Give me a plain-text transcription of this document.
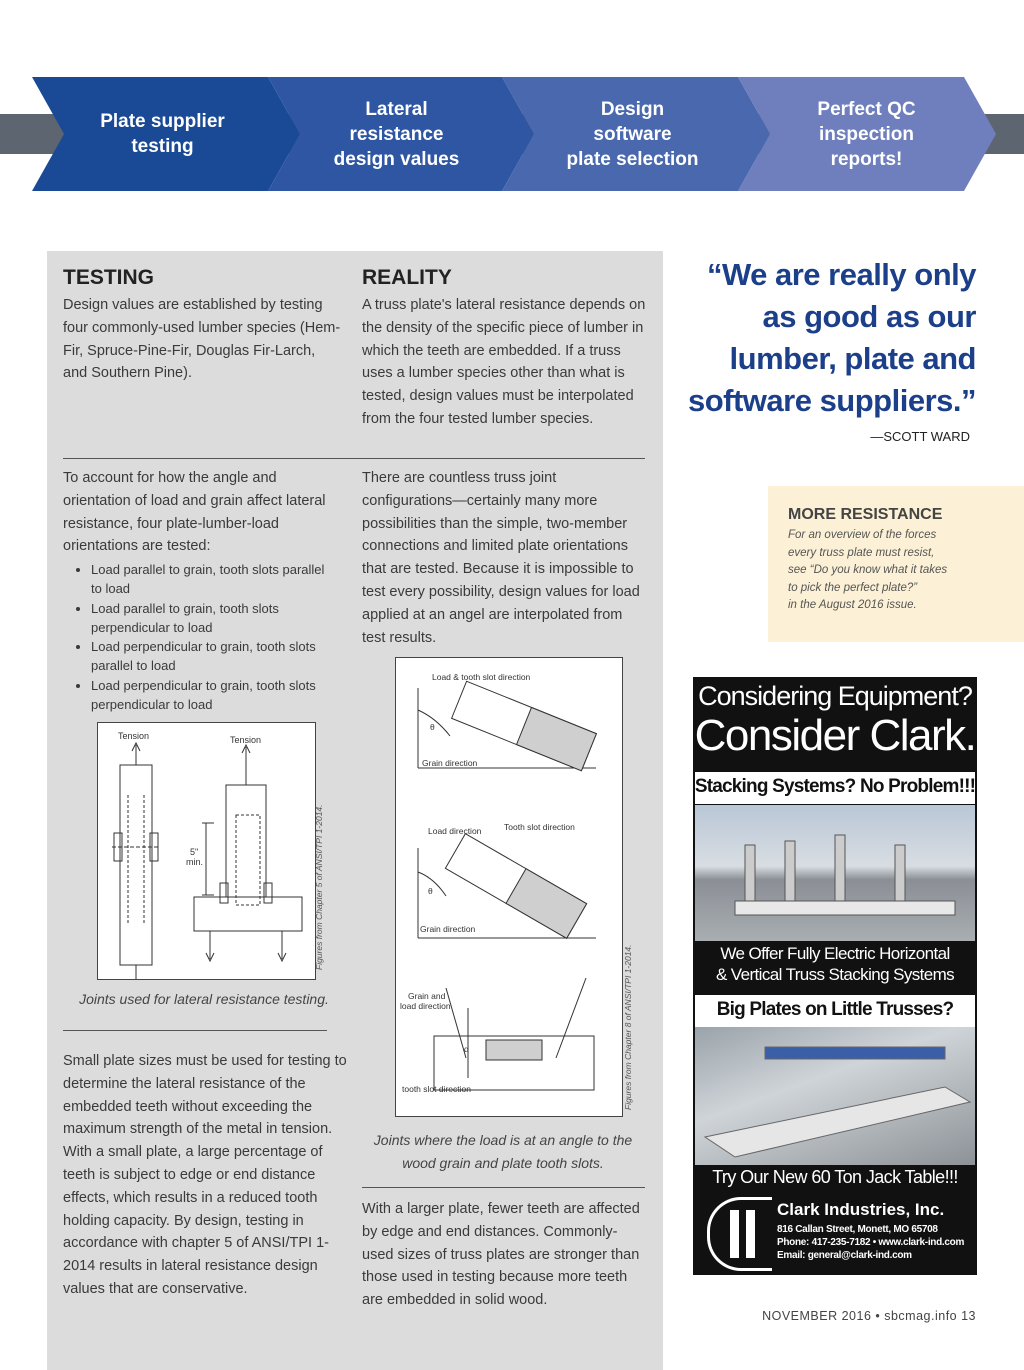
Plate supplier
testing
Lateral
resistance
design values
Design
software
plate selection
Perfect QC
inspection
reports!
TESTING
Design values are established by testing four commonly-used lumber species (Hem-Fir, Spruce-Pine-Fir, Douglas Fir-Larch, and Southern Pine).
REALITY
A truss plate's lateral resistance depends on the density of the specific piece of lumber in which the teeth are embedded. If a truss uses a lumber species other than what is tested, design values must be interpolated from the four tested lumber species.
To account for how the angle and orientation of load and grain affect lateral resistance, four plate-lumber-load orientations are tested:
• Load parallel to grain, tooth slots parallel to load
• Load parallel to grain, tooth slots perpendicular to load
• Load perpendicular to grain, tooth slots parallel to load
• Load perpendicular to grain, tooth slots perpendicular to load
There are countless truss joint configurations—certainly many more possibilities than the simple, two-member connections and limited plate orientations that are tested. Because it is impossible to test every possibility, design values for load applied at an angel are interpolated from test results.
Tension	Tension
5"
min.	Figures from Chapter 5 of ANSI/TPI 1-2014.
Joints used for lateral resistance testing.
Load & tooth slot direction
Grain direction
θ
Load direction	Tooth slot direction
Grain direction
θ
Grain and
load direction
α
tooth slot direction	Figures from Chapter 8 of ANSI/TPI 1-2014.
Joints where the load is at an angle to the wood grain and plate tooth slots.
Small plate sizes must be used for testing to determine the lateral resistance of the embedded teeth without exceeding the maximum strength of the metal in tension. With a small plate, a large percentage of teeth is subject to edge or end distance effects, which results in a reduced tooth holding capacity. By design, testing in accordance with chapter 5 of ANSI/TPI 1-2014 results in lateral resistance design values that are conservative.
With a larger plate, fewer teeth are affected by edge and end distances. Commonly-used sizes of truss plates are stronger than those used in testing because more teeth are embedded in solid wood.
“We are really only
as good as our
lumber, plate and
software suppliers.”
—SCOTT WARD
MORE RESISTANCE
For an overview of the forces
every truss plate must resist,
see “Do you know what it takes
to pick the perfect plate?”
in the August 2016 issue.
Considering Equipment?
Consider Clark.
Stacking Systems? No Problem!!!
We Offer Fully Electric Horizontal
& Vertical Truss Stacking Systems
Big Plates on Little Trusses?
Try Our New 60 Ton Jack Table!!!
Clark Industries, Inc.
816 Callan Street, Monett, MO 65708
Phone: 417-235-7182 • www.clark-ind.com
Email: general@clark-ind.com
NOVEMBER 2016 • sbcmag.info 13
